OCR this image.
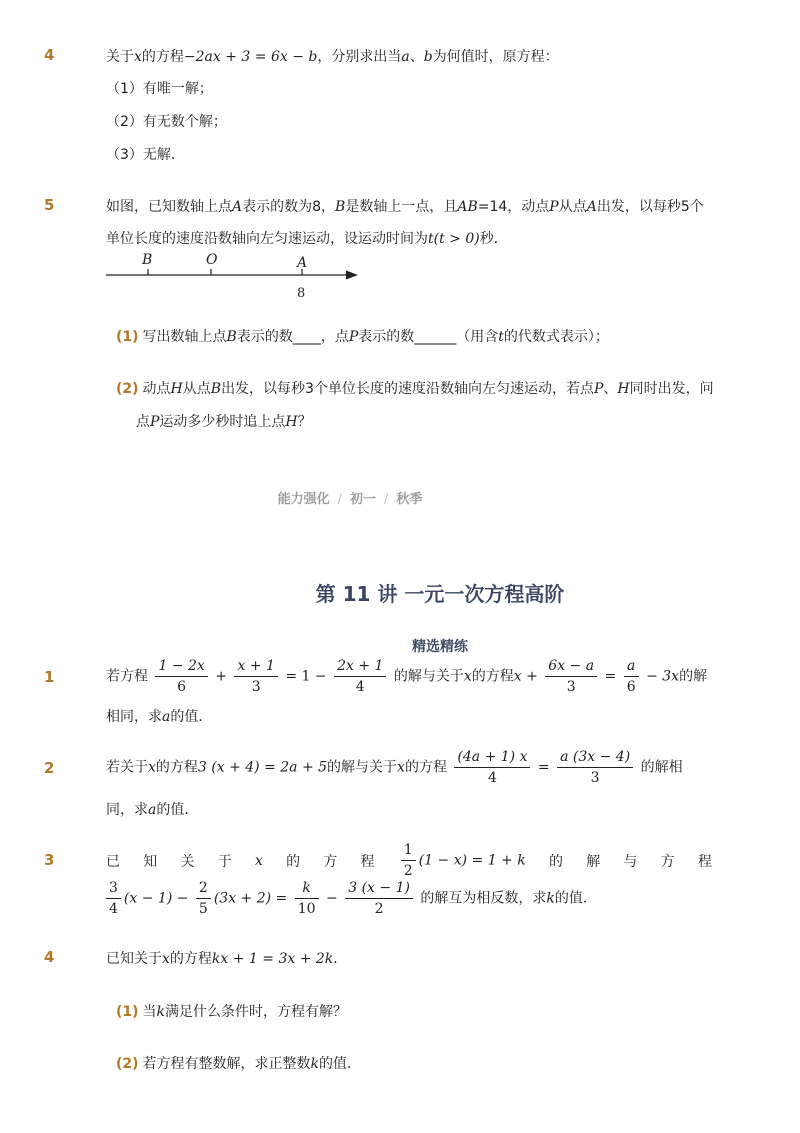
4	关于x的方程−2ax + 3 = 6x − b，分别求出当a、b为何值时，原方程：
（1）有唯一解；
（2）有无数个解；
（3）无解．
5	如图，已知数轴上点A表示的数为8，B是数轴上一点，且AB=14，动点P从点A出发，以每秒5个
单位长度的速度沿数轴向左匀速运动，设运动时间为t(t > 0)秒．
B	O	A
8
(1) 写出数轴上点B表示的数____，点P表示的数______（用含t的代数式表示）；
(2) 动点H从点B出发，以每秒3个单位长度的速度沿数轴向左匀速运动，若点P、H同时出发，问
点P运动多少秒时追上点H？
能力强化 / 初一 / 秋季
第 11 讲 一元一次方程高阶
精选精练
1	若方程 $\frac{1 - 2x}{6} + \frac{x + 1}{3} = 1 - \frac{2x + 1}{4}$ 的解与关于x的方程$x + \frac{6x - a}{3} = \frac{a}{6} - 3x$的解
相同，求a的值．
2	若关于x的方程3 (x + 4) = 2a + 5的解与关于x的方程 $\frac{(4a + 1) x}{4} = \frac{a (3x - 4)}{3}$ 的解相
同，求a的值．
3	已 知 关 于 x 的 方 程 $\frac{1}{2} (1 - x) = 1 + k$ 的 解 与 方 程
$\frac{3}{4} (x - 1) - \frac{2}{5} (3x + 2) = \frac{k}{10} - \frac{3 (x - 1)}{2}$ 的解互为相反数，求k的值．
4	已知关于x的方程kx + 1 = 3x + 2k．
(1) 当k满足什么条件时，方程有解？
(2) 若方程有整数解，求正整数k的值．
